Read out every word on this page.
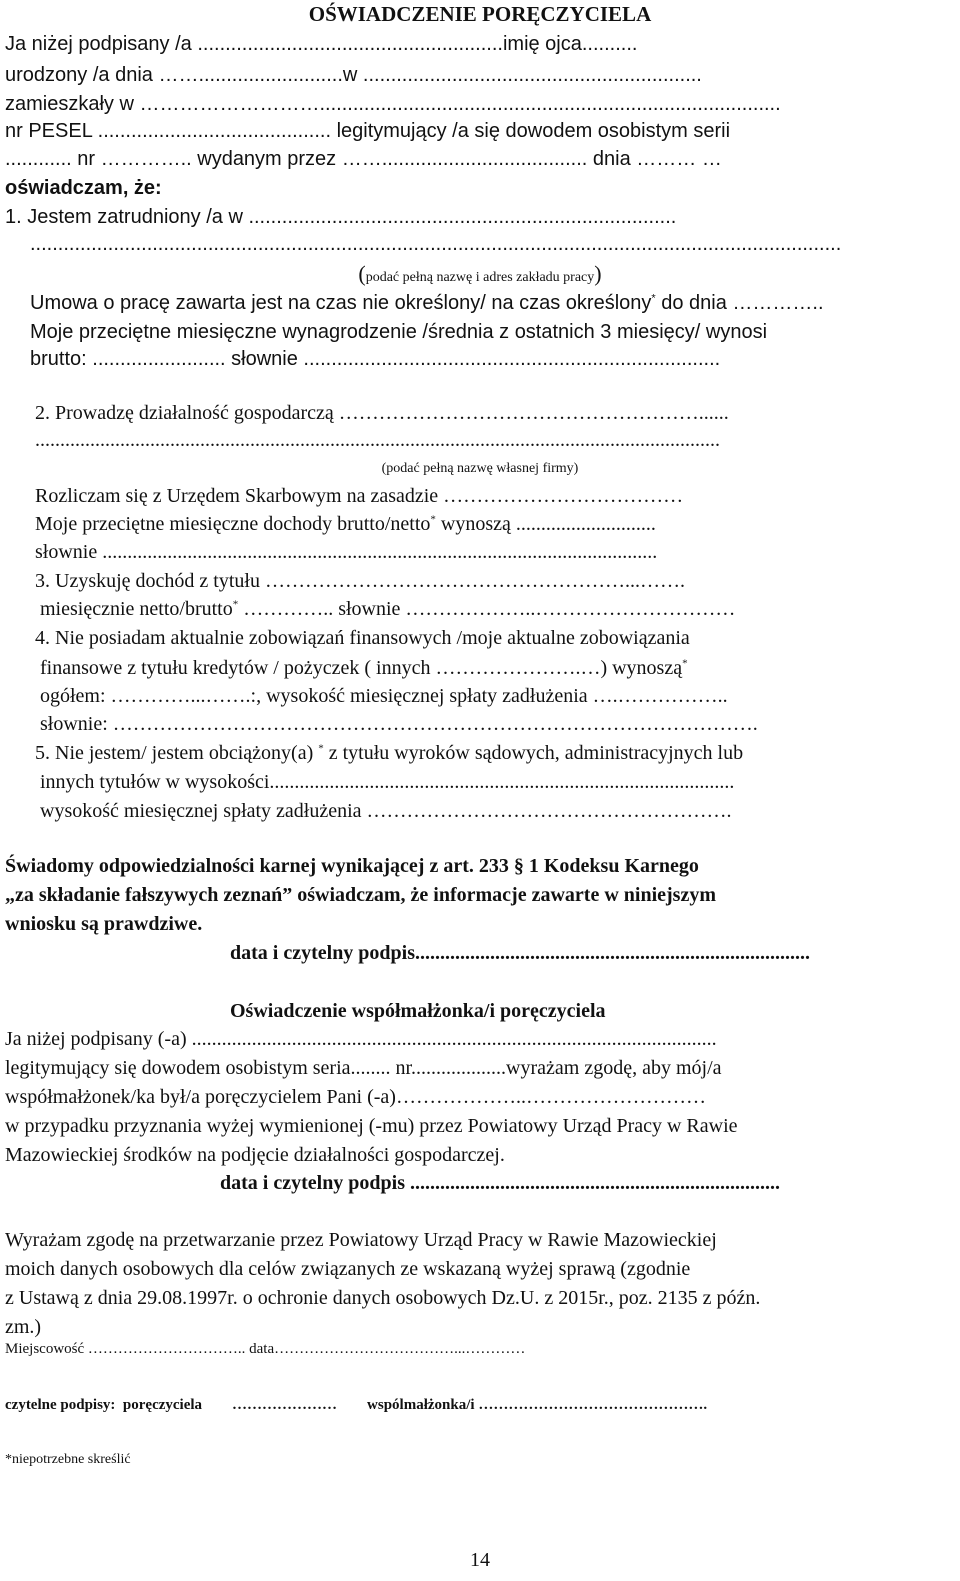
OŚWIADCZENIE PORĘCZYCIELA
Ja niżej podpisany /a .......................................................imię ojca..........
urodzony /a dnia ……..........................w .............................................................
zamieszkały w ………………………...................................................................................
nr PESEL .......................................... legitymujący /a się dowodem osobistym serii
............ nr ………….. wydanym przez ……..................................... dnia ……… …
oświadczam, że:
1. Jestem zatrudniony /a w .............................................................................
..................................................................................................................................................
(podać pełną nazwę i adres zakładu pracy)
Umowa o pracę zawarta jest na czas nie określony/ na czas określony* do dnia …………..
Moje przeciętne miesięczne wynagrodzenie /średnia z ostatnich 3 miesięcy/ wynosi
brutto: ........................ słownie ...........................................................................
2. Prowadzę działalność gospodarczą ………………………………………………......
.........................................................................................................................................
(podać pełną nazwę własnej firmy)
Rozliczam się z Urzędem Skarbowym na zasadzie ………………………………
Moje przeciętne miesięczne dochody brutto/netto* wynoszą ............................
słownie ...............................................................................................................
3. Uzyskuję dochód z tytułu ………………………………………………...…….
miesięcznie netto/brutto* ………….. słownie ………………..…………………………
4. Nie posiadam aktualnie zobowiązań finansowych /moje aktualne zobowiązania
finansowe z tytułu kredytów / pożyczek ( innych ………………….…) wynoszą*
ogółem: …………...…….:, wysokość miesięcznej spłaty zadłużenia ….……………..
słownie: …………………………………………………………………………………….
5. Nie jestem/ jestem obciążony(a) * z tytułu wyroków sądowych, administracyjnych lub
innych tytułów w wysokości.............................................................................................
wysokość miesięcznej spłaty zadłużenia ……………………………………………….
Świadomy odpowiedzialności karnej wynikającej z art. 233 § 1 Kodeksu Karnego
„za składanie fałszywych zeznań” oświadczam, że informacje zawarte w niniejszym
wniosku są prawdziwe.
data i czytelny podpis...............................................................................
Oświadczenie współmałżonka/i poręczyciela
Ja niżej podpisany (-a) .........................................................................................................
legitymujący się dowodem osobistym seria........ nr...................wyrażam zgodę, aby mój/a
współmałżonek/ka był/a poręczycielem Pani (-a)………………..………………………
w przypadku przyznania wyżej wymienionej (-mu) przez Powiatowy Urząd Pracy w Rawie
Mazowieckiej środków na podjęcie działalności gospodarczej.
data i czytelny podpis ..........................................................................
Wyrażam zgodę na przetwarzanie przez Powiatowy Urząd Pracy w Rawie Mazowieckiej
moich danych osobowych dla celów związanych ze wskazaną wyżej sprawą (zgodnie
z Ustawą z dnia 29.08.1997r. o ochronie danych osobowych Dz.U. z 2015r., poz. 2135 z późn.
zm.)
Miejscowość ………………………….. data………………………………...…………
czytelne podpisy: poręczyciela ………………… wspólmałżonka/i ……………………………………….
*niepotrzebne skreślić
14
